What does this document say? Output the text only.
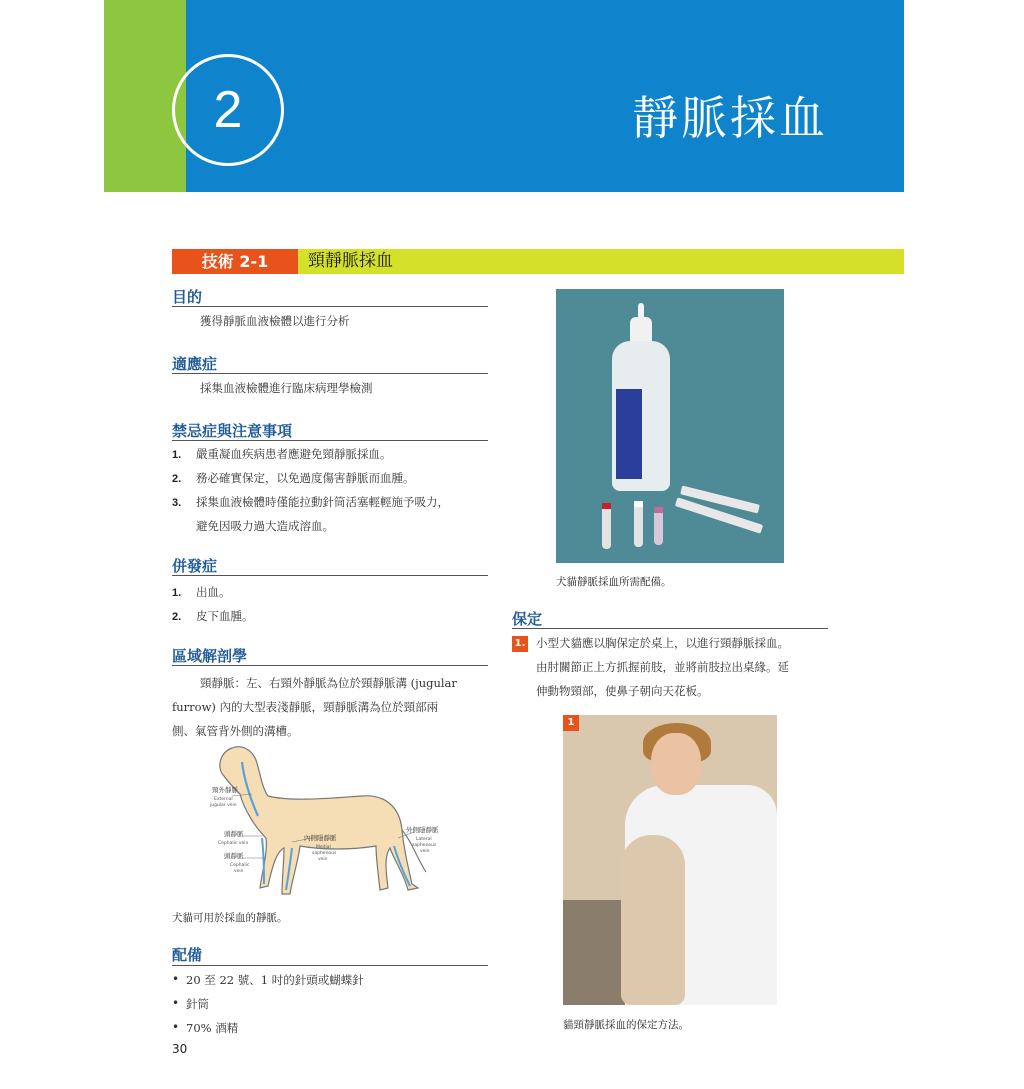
2	靜脈採血
技術 2-1	頸靜脈採血
目的
獲得靜脈血液檢體以進行分析
適應症
採集血液檢體進行臨床病理學檢測
禁忌症與注意事項
1. 嚴重凝血疾病患者應避免頸靜脈採血。
2. 務必確實保定，以免過度傷害靜脈而血腫。
3. 採集血液檢體時僅能拉動針筒活塞輕輕施予吸力，
避免因吸力過大造成溶血。
併發症
1. 出血。
2. 皮下血腫。
區域解剖學
頸靜脈：左、右頸外靜脈為位於頸靜脈溝 (jugular
furrow) 內的大型表淺靜脈，頸靜脈溝為位於頸部兩
側、氣管背外側的溝槽。
頸外靜脈
External
jugular vein
頭靜脈
Cephalic vein
頭靜脈
Cephalic
vein
內側隱靜脈
Medial
saphenous
vein
外側隱靜脈
Lateral
saphenous
vein
犬貓可用於採血的靜脈。
配備
• 20 至 22 號、1 吋的針頭或蝴蝶針
• 針筒
• 70% 酒精
30
犬貓靜脈採血所需配備。
保定
1. 小型犬貓應以胸保定於桌上，以進行頸靜脈採血。
由肘關節正上方抓握前肢，並將前肢拉出桌緣。延
伸動物頸部，使鼻子朝向天花板。
1
貓頸靜脈採血的保定方法。
